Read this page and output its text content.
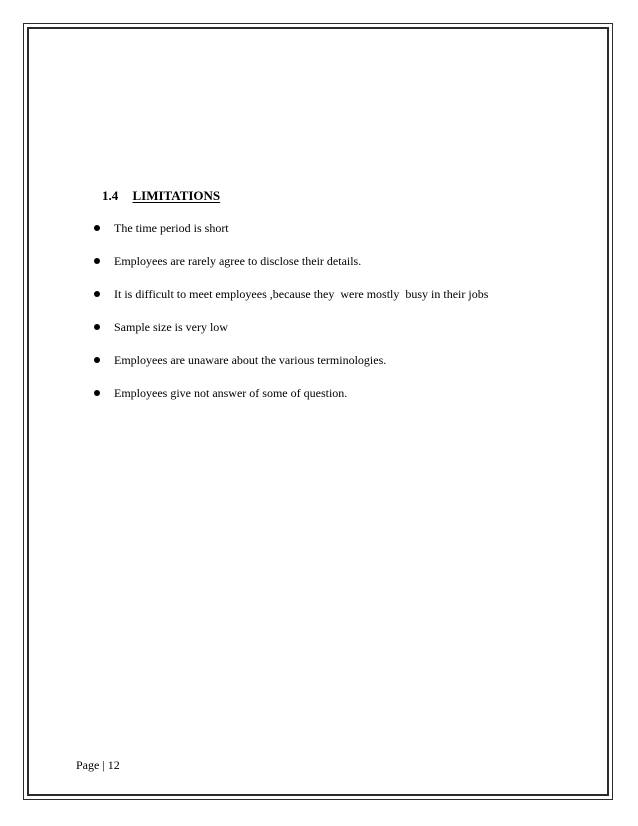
1.4 LIMITATIONS

The time period is short

Employees are rarely agree to disclose their details.

It is difficult to meet employees ,because they  were mostly  busy in their jobs

Sample size is very low

Employees are unaware about the various terminologies.

Employees give not answer of some of question.

Page | 12
